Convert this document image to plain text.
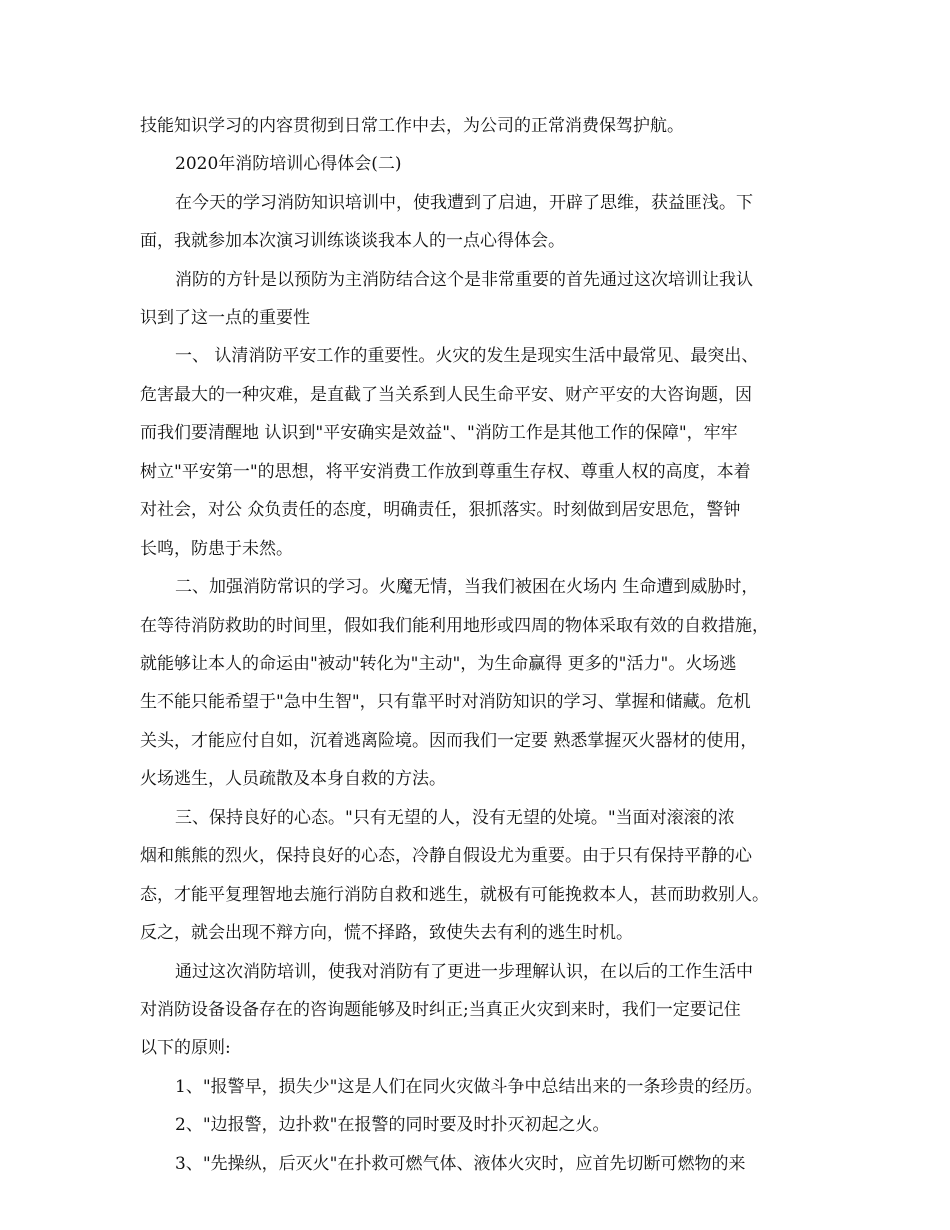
技能知识学习的内容贯彻到日常工作中去，为公司的正常消费保驾护航。
2020年消防培训心得体会(二)
在今天的学习消防知识培训中，使我遭到了启迪，开辟了思维，获益匪浅。下
面，我就参加本次演习训练谈谈我本人的一点心得体会。
消防的方针是以预防为主消防结合这个是非常重要的首先通过这次培训让我认
识到了这一点的重要性
一、 认清消防平安工作的重要性。火灾的发生是现实生活中最常见、最突出、
危害最大的一种灾难，是直截了当关系到人民生命平安、财产平安的大咨询题，因
而我们要清醒地 认识到"平安确实是效益"、"消防工作是其他工作的保障"，牢牢
树立"平安第一"的思想，将平安消费工作放到尊重生存权、尊重人权的高度，本着
对社会，对公 众负责任的态度，明确责任，狠抓落实。时刻做到居安思危，警钟
长鸣，防患于未然。
二、加强消防常识的学习。火魔无情，当我们被困在火场内 生命遭到威胁时，
在等待消防救助的时间里，假如我们能利用地形或四周的物体采取有效的自救措施，
就能够让本人的命运由"被动"转化为"主动"，为生命赢得 更多的"活力"。火场逃
生不能只能希望于"急中生智"，只有靠平时对消防知识的学习、掌握和储藏。危机
关头，才能应付自如，沉着逃离险境。因而我们一定要 熟悉掌握灭火器材的使用，
火场逃生，人员疏散及本身自救的方法。
三、保持良好的心态。"只有无望的人，没有无望的处境。"当面对滚滚的浓
烟和熊熊的烈火，保持良好的心态，冷静自假设尤为重要。由于只有保持平静的心
态，才能平复理智地去施行消防自救和逃生，就极有可能挽救本人，甚而助救别人。
反之，就会出现不辩方向，慌不择路，致使失去有利的逃生时机。
通过这次消防培训，使我对消防有了更进一步理解认识，在以后的工作生活中
对消防设备设备存在的咨询题能够及时纠正;当真正火灾到来时，我们一定要记住
以下的原则:
1、"报警早，损失少"这是人们在同火灾做斗争中总结出来的一条珍贵的经历。
2、"边报警，边扑救"在报警的同时要及时扑灭初起之火。
3、"先操纵，后灭火"在扑救可燃气体、液体火灾时，应首先切断可燃物的来
